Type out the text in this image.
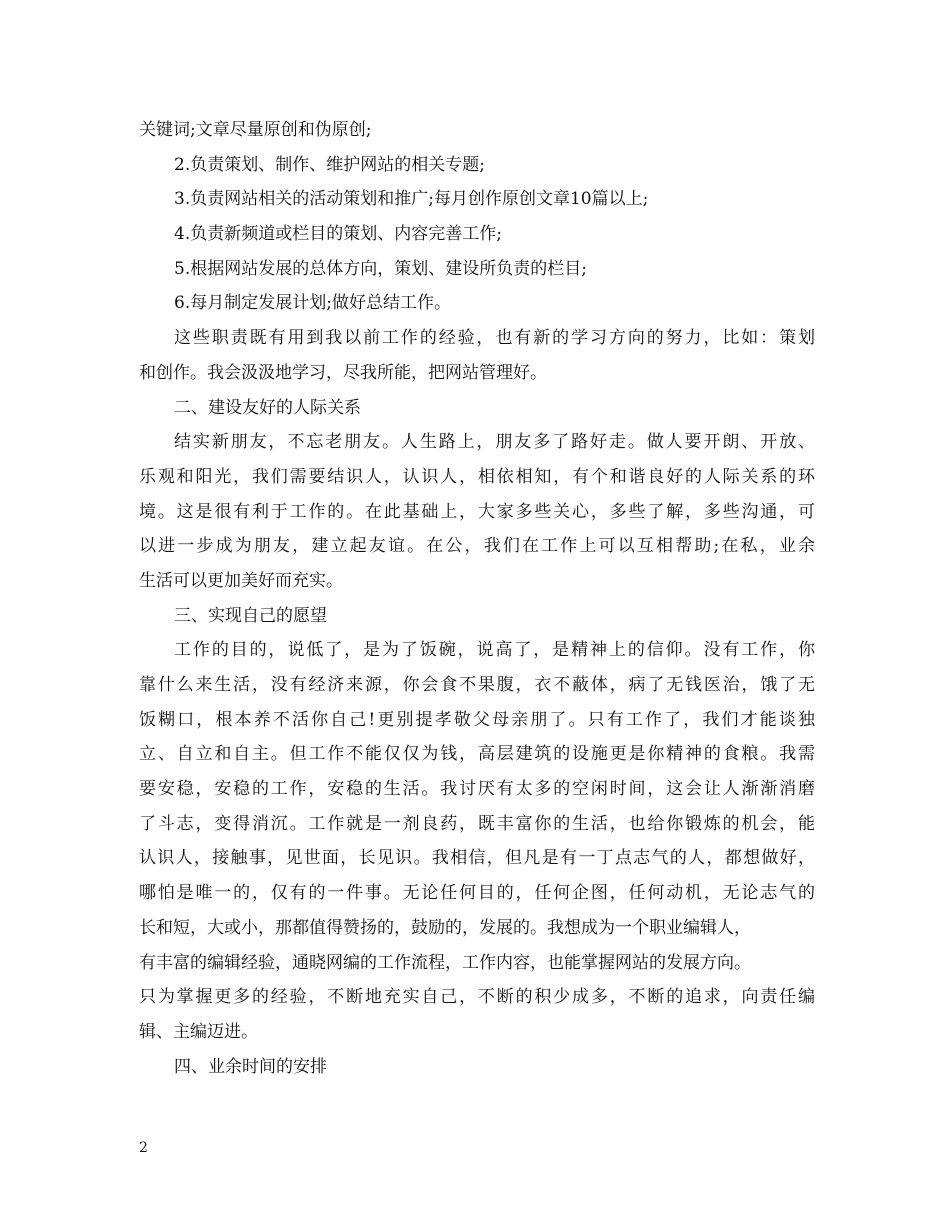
关键词;文章尽量原创和伪原创;
2.负责策划、制作、维护网站的相关专题;
3.负责网站相关的活动策划和推广;每月创作原创文章10篇以上;
4.负责新频道或栏目的策划、内容完善工作;
5.根据网站发展的总体方向，策划、建设所负责的栏目;
6.每月制定发展计划;做好总结工作。
这些职责既有用到我以前工作的经验，也有新的学习方向的努力，比如：策划
和创作。我会汲汲地学习，尽我所能，把网站管理好。
二、建设友好的人际关系
结实新朋友，不忘老朋友。人生路上，朋友多了路好走。做人要开朗、开放、
乐观和阳光，我们需要结识人，认识人，相依相知，有个和谐良好的人际关系的环
境。这是很有利于工作的。在此基础上，大家多些关心，多些了解，多些沟通，可
以进一步成为朋友，建立起友谊。在公，我们在工作上可以互相帮助;在私，业余
生活可以更加美好而充实。
三、实现自己的愿望
工作的目的，说低了，是为了饭碗，说高了，是精神上的信仰。没有工作，你
靠什么来生活，没有经济来源，你会食不果腹，衣不蔽体，病了无钱医治，饿了无
饭糊口，根本养不活你自己!更别提孝敬父母亲朋了。只有工作了，我们才能谈独
立、自立和自主。但工作不能仅仅为钱，高层建筑的设施更是你精神的食粮。我需
要安稳，安稳的工作，安稳的生活。我讨厌有太多的空闲时间，这会让人渐渐消磨
了斗志，变得消沉。工作就是一剂良药，既丰富你的生活，也给你锻炼的机会，能
认识人，接触事，见世面，长见识。我相信，但凡是有一丁点志气的人，都想做好，
哪怕是唯一的，仅有的一件事。无论任何目的，任何企图，任何动机，无论志气的
长和短，大或小，那都值得赞扬的，鼓励的，发展的。我想成为一个职业编辑人，
有丰富的编辑经验，通晓网编的工作流程，工作内容，也能掌握网站的发展方向。
只为掌握更多的经验，不断地充实自己，不断的积少成多，不断的追求，向责任编
辑、主编迈进。
四、业余时间的安排
2
